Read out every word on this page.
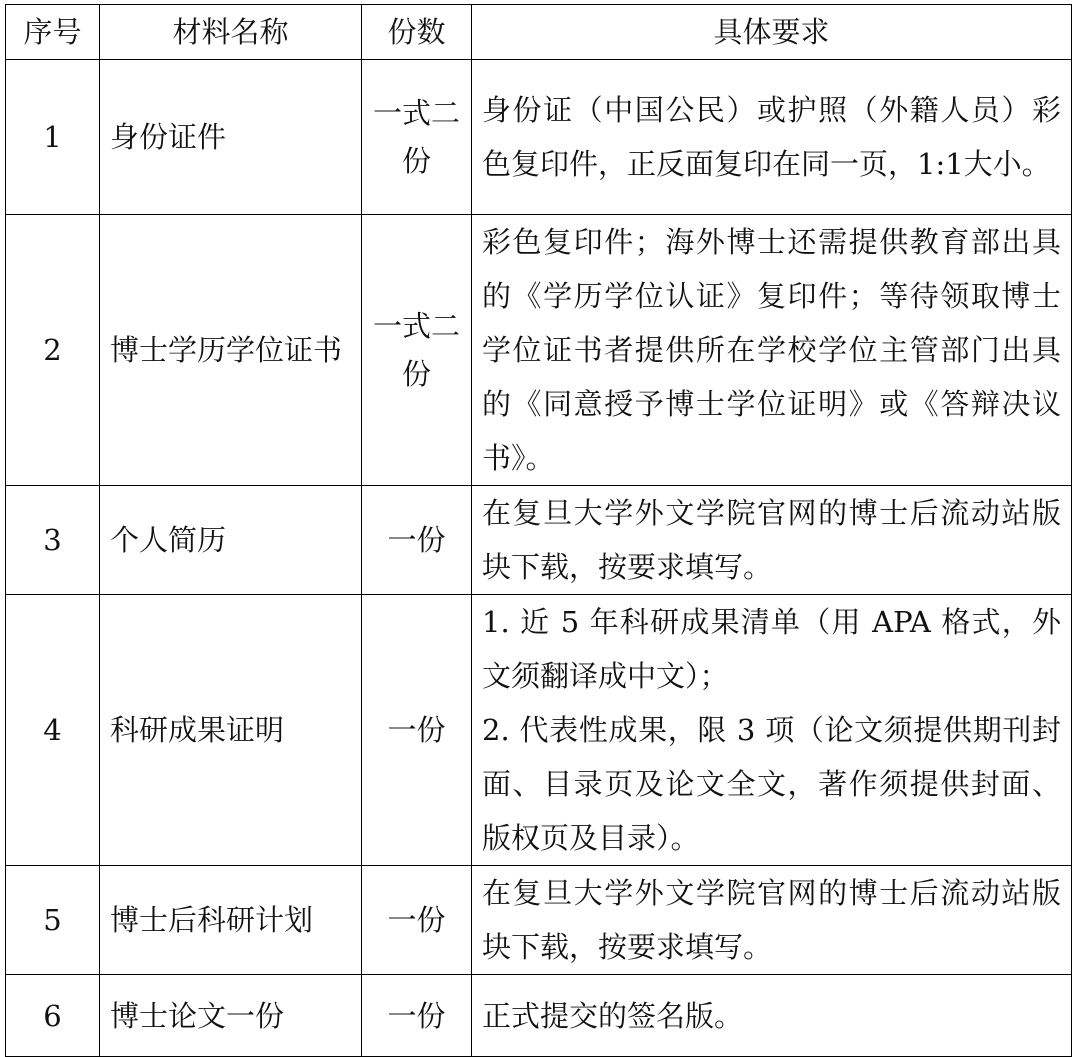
序号	材料名称	份数	具体要求
1	身份证件	一式二份	身份证（中国公民）或护照（外籍人员）彩色复印件，正反面复印在同一页，1:1大小。
2	博士学历学位证书	一式二份	彩色复印件；海外博士还需提供教育部出具的《学历学位认证》复印件；等待领取博士学位证书者提供所在学校学位主管部门出具的《同意授予博士学位证明》或《答辩决议书》。
3	个人简历	一份	在复旦大学外文学院官网的博士后流动站版块下载，按要求填写。
4	科研成果证明	一份	1. 近 5 年科研成果清单（用 APA 格式，外文须翻译成中文）；
2. 代表性成果，限 3 项（论文须提供期刊封面、目录页及论文全文，著作须提供封面、版权页及目录）。

5	博士后科研计划	一份	在复旦大学外文学院官网的博士后流动站版块下载，按要求填写。
6	博士论文一份	一份	正式提交的签名版。
